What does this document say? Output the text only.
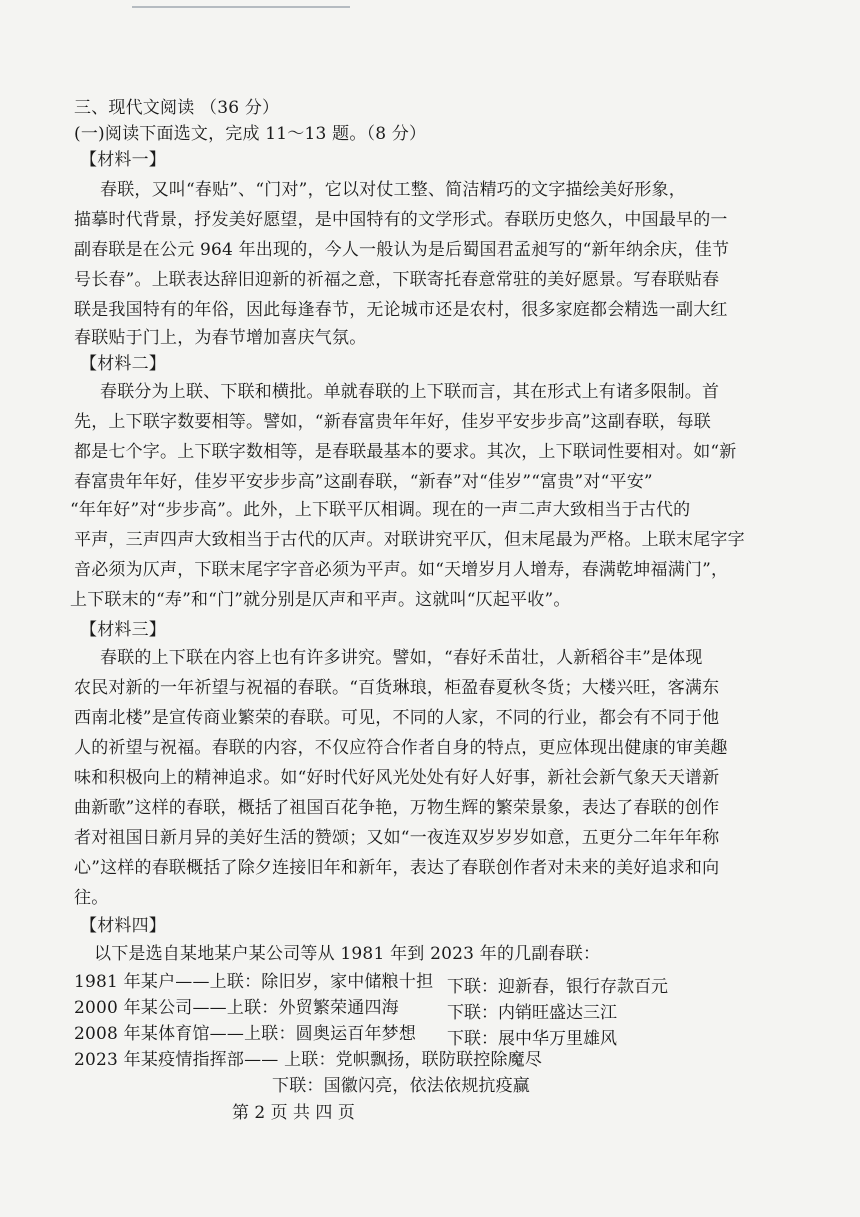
三、现代文阅读 （36 分）
(一)阅读下面选文，完成 11～13 题。（8 分）
【材料一】
春联，又叫“春贴”、“门对”，它以对仗工整、简洁精巧的文字描绘美好形象，
描摹时代背景，抒发美好愿望，是中国特有的文学形式。春联历史悠久，中国最早的一
副春联是在公元 964 年出现的，今人一般认为是后蜀国君孟昶写的“新年纳余庆，佳节
号长春”。上联表达辞旧迎新的祈福之意，下联寄托春意常驻的美好愿景。写春联贴春
联是我国特有的年俗，因此每逢春节，无论城市还是农村，很多家庭都会精选一副大红
春联贴于门上，为春节增加喜庆气氛。
【材料二】
春联分为上联、下联和横批。单就春联的上下联而言，其在形式上有诸多限制。首
先，上下联字数要相等。譬如，“新春富贵年年好，佳岁平安步步高”这副春联，每联
都是七个字。上下联字数相等，是春联最基本的要求。其次，上下联词性要相对。如“新
春富贵年年好，佳岁平安步步高”这副春联，“新春”对“佳岁”“富贵”对“平安”
“年年好”对“步步高”。此外，上下联平仄相调。现在的一声二声大致相当于古代的
平声，三声四声大致相当于古代的仄声。对联讲究平仄，但末尾最为严格。上联末尾字字
音必须为仄声，下联末尾字字音必须为平声。如“天增岁月人增寿，春满乾坤福满门”，
上下联末的“寿”和“门”就分别是仄声和平声。这就叫“仄起平收”。
【材料三】
春联的上下联在内容上也有许多讲究。譬如，“春好禾苗壮，人新稻谷丰”是体现
农民对新的一年祈望与祝福的春联。“百货琳琅，柜盈春夏秋冬货；大楼兴旺，客满东
西南北楼”是宣传商业繁荣的春联。可见，不同的人家，不同的行业，都会有不同于他
人的祈望与祝福。春联的内容，不仅应符合作者自身的特点，更应体现出健康的审美趣
味和积极向上的精神追求。如“好时代好风光处处有好人好事，新社会新气象天天谱新
曲新歌”这样的春联，概括了祖国百花争艳，万物生辉的繁荣景象，表达了春联的创作
者对祖国日新月异的美好生活的赞颂；又如“一夜连双岁岁岁如意，五更分二年年年称
心”这样的春联概括了除夕连接旧年和新年，表达了春联创作者对未来的美好追求和向
往。
【材料四】
以下是选自某地某户某公司等从 1981 年到 2023 年的几副春联：
1981 年某户——上联：除旧岁，家中储粮十担 下联：迎新春，银行存款百元
2000 年某公司——上联：外贸繁荣通四海	下联：内销旺盛达三江
2008 年某体育馆——上联：圆奥运百年梦想 下联：展中华万里雄风
2023 年某疫情指挥部—— 上联：党帜飘扬，联防联控除魔尽
下联：国徽闪亮，依法依规抗疫赢
第 2 页 共 四 页
